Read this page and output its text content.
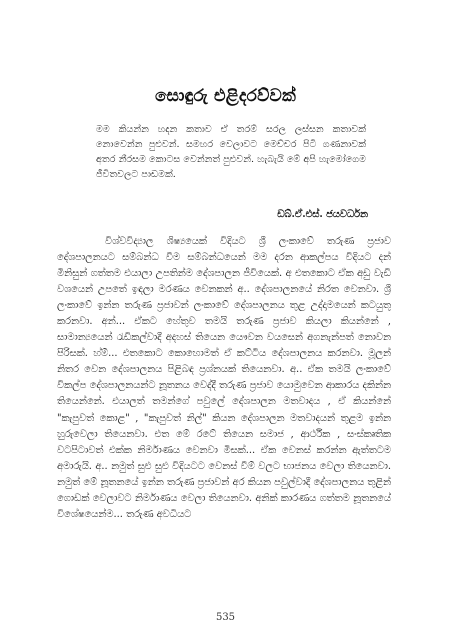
සොඳුරු එළිදරව්වක්

මම කියන්න හදන කතාව ඒ තරම් සරල ලස්සන කතාවක් නොවෙන්න පුළුවන්. සමහර වෙලාවට මෙච්චර පිටි ගණනාවක් අතර නීරසම කොටස වෙන්නත් පුළුවන්. හැබැයි මේ අපි හැමෝගෙම ජීවිතවලට පාඩමක්.

ඩබ්.ඒ.එස්. ජයවර්ධන

විශ්වවිද්‍යාල ශිෂ්‍යයෙක් විදියට ශ්‍රී ලංකාවේ තරුණ ප්‍රජාව දේශපාලනයට සම්බන්ධ වීම සම්බන්ධයෙන් මම දරන ආකල්පය විදියට දන් මිනිසුන් ගත්තම එයාලා උපතින්ම දේශපාලන ජීවියෙක්. අ එතකොට ඒක අඩු වැඩි වශයෙන් උපතේ ඉඳලා මරණය වෙනකන් අ.. දේශපාලනයේ නිරත වෙනවා. ශ්‍රී ලංකාවේ ඉන්න තරුණ ප්‍රජාවන් ලංකාවේ දේශපාලනය තුළ උද්දාමයෙන් කටයුතු කරනවා. අන්... ඒකට හේතුව තමයි තරුණ ප්‍රජාව කියලා කියන්නේ , සාමාන්‍යයෙන් රැඩිකල්වාදී අදහස් තියෙන යෞවන වයසෙන් අගනැන්පත් නොවන පිරිසක්. හ්ම්... එතකොට කොහොමත් ඒ කට්ටිය දේශපාලනය කරනවා. මූලන් නිතර වෙන දේශපාලනය පිළිබඳ ප්‍රශ්නයක් තියෙනවා. අ.. ඒක තමයි ලංකාවේ විකල්ප දේශපාලනයන්ට නූතනය වෙද්දී තරුණ ප්‍රජාව යොමුවෙන ආකාරය දකින්න තියෙන්නේ. එයාලත් තමන්ගේ පවුලේ දේශපාලන මතවාදය , ඒ කියන්නේ "කැපුවත් කොළ" , "කැපුවත් නිල්" කියන දේශපාලන මතවාදයන් තුළම ඉන්න හුරුවෙලා තියෙනවා. එත මේ රටේ තියෙන සමාජ , ආර්ථික , සංස්කෘතික වටපිටාවත් එක්ක නිර්මාණය වෙනවා මිසක්... ඒක වෙනස් කරන්න ඇත්තටම අමාරුයි. අ.. නමුත් සුළු සුළු විදියටට වෙනස් වීම් වලට භාජනය වෙලා තියෙනවා. නමුත් මේ නූතනයේ ඉන්න තරුණ ප්‍රජාවන් අර කියන පවුල්වාදී දේශපාලනය තුළින් ගොඩක් වෙලාවට නිර්මාණය වෙලා තියෙනවා. අනික් කාරණය ගත්තම නූතනයේ විශේෂයෙන්ම... තරුණ අවධියට

535
